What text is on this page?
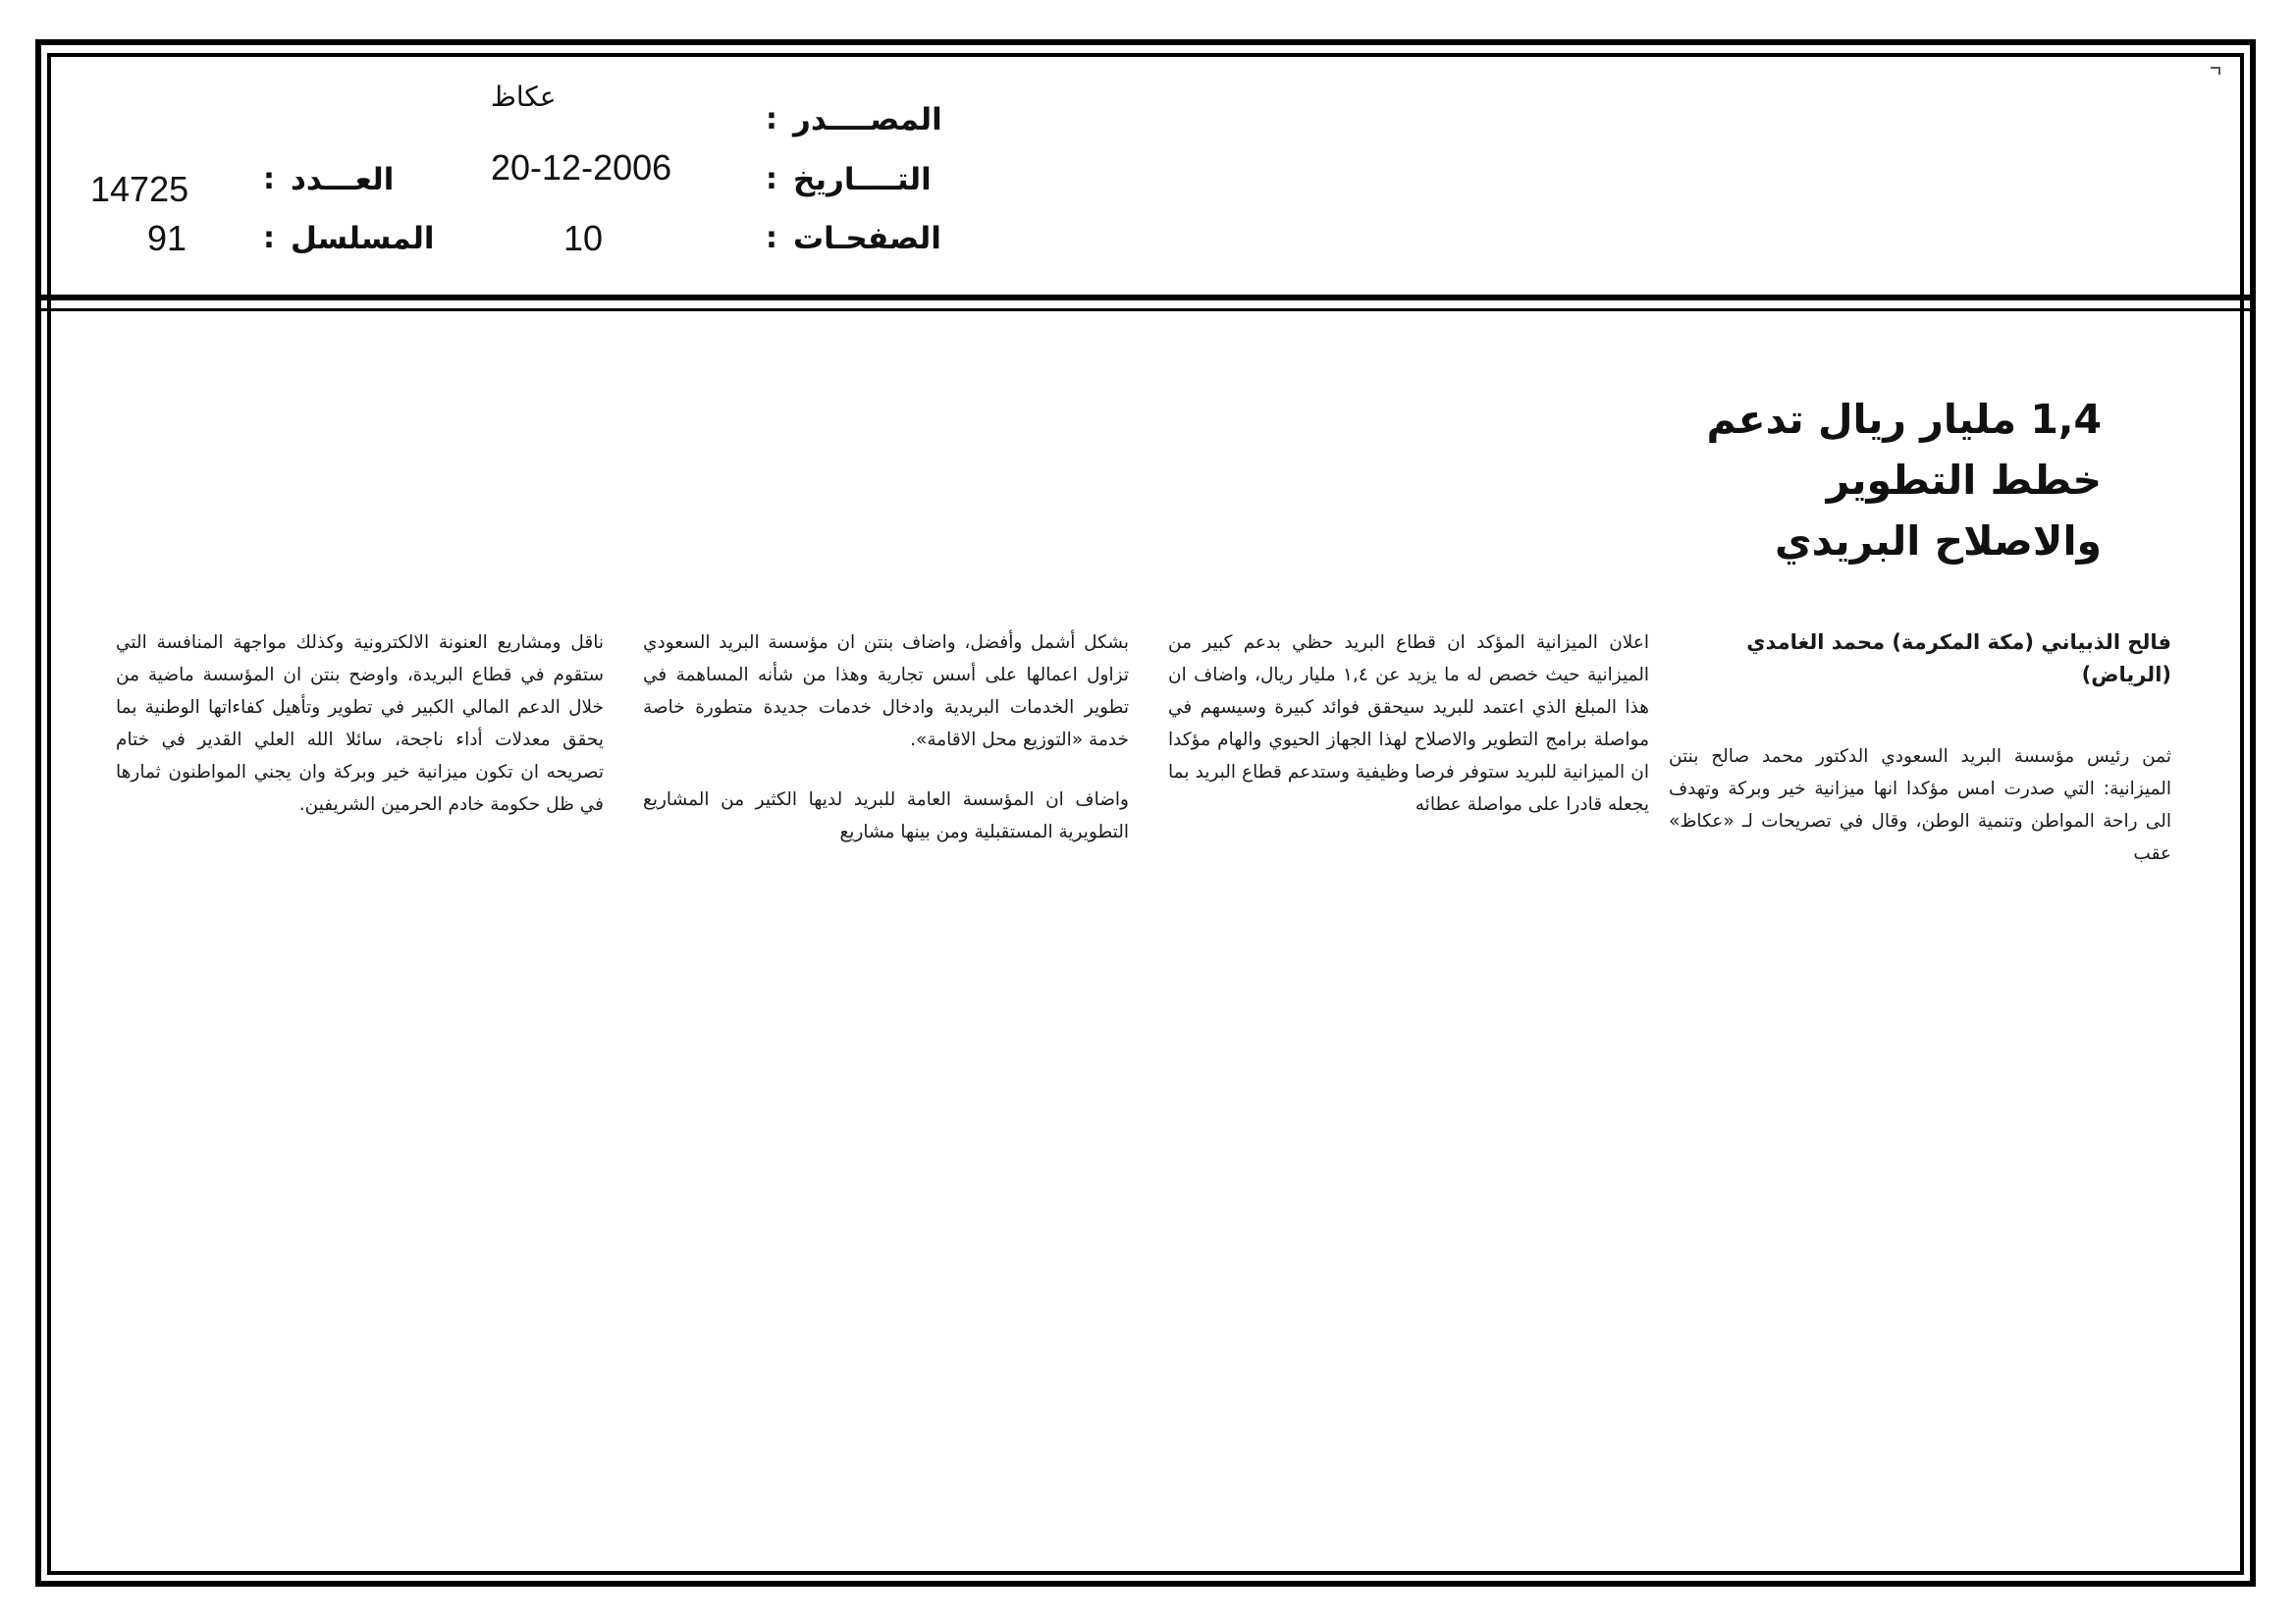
المصــــدر
:
عكاظ
التــــاريخ
:
20-12-2006
الصفحـات
:
10
العـــدد
:
14725
المسلسل
:
91
1,4 مليار ريال تدعم
خطط التطوير
والاصلاح البريدي

فالح الذبياني (مكة المكرمة) محمد الغامدي (الرياض)

ثمن رئيس مؤسسة البريد السعودي الدكتور محمد صالح بنتن الميزانية: التي صدرت امس مؤكدا انها ميزانية خير وبركة وتهدف الى راحة المواطن وتنمية الوطن، وقال في تصريحات لـ «عكاظ» عقب

اعلان الميزانية المؤكد ان قطاع البريد حظي بدعم كبير من الميزانية حيث خصص له ما يزيد عن ١,٤ مليار ريال، واضاف ان هذا المبلغ الذي اعتمد للبريد سيحقق فوائد كبيرة وسيسهم في مواصلة برامج التطوير والاصلاح لهذا الجهاز الحيوي والهام مؤكدا ان الميزانية للبريد ستوفر فرصا وظيفية وستدعم قطاع البريد بما يجعله قادرا على مواصلة عطائه

بشكل أشمل وأفضل، واضاف بنتن ان مؤسسة البريد السعودي تزاول اعمالها على أسس تجارية وهذا من شأنه المساهمة في تطوير الخدمات البريدية وادخال خدمات جديدة متطورة خاصة خدمة «التوزيع محل الاقامة».

واضاف ان المؤسسة العامة للبريد لديها الكثير من المشاريع التطويرية المستقبلية ومن بينها مشاريع

ناقل ومشاريع العنونة الالكترونية وكذلك مواجهة المنافسة التي ستقوم في قطاع البريدة، واوضح بنتن ان المؤسسة ماضية من خلال الدعم المالي الكبير في تطوير وتأهيل كفاءاتها الوطنية بما يحقق معدلات أداء ناجحة، سائلا الله العلي القدير في ختام تصريحه ان تكون ميزانية خير وبركة وان يجني المواطنون ثمارها في ظل حكومة خادم الحرمين الشريفين.
